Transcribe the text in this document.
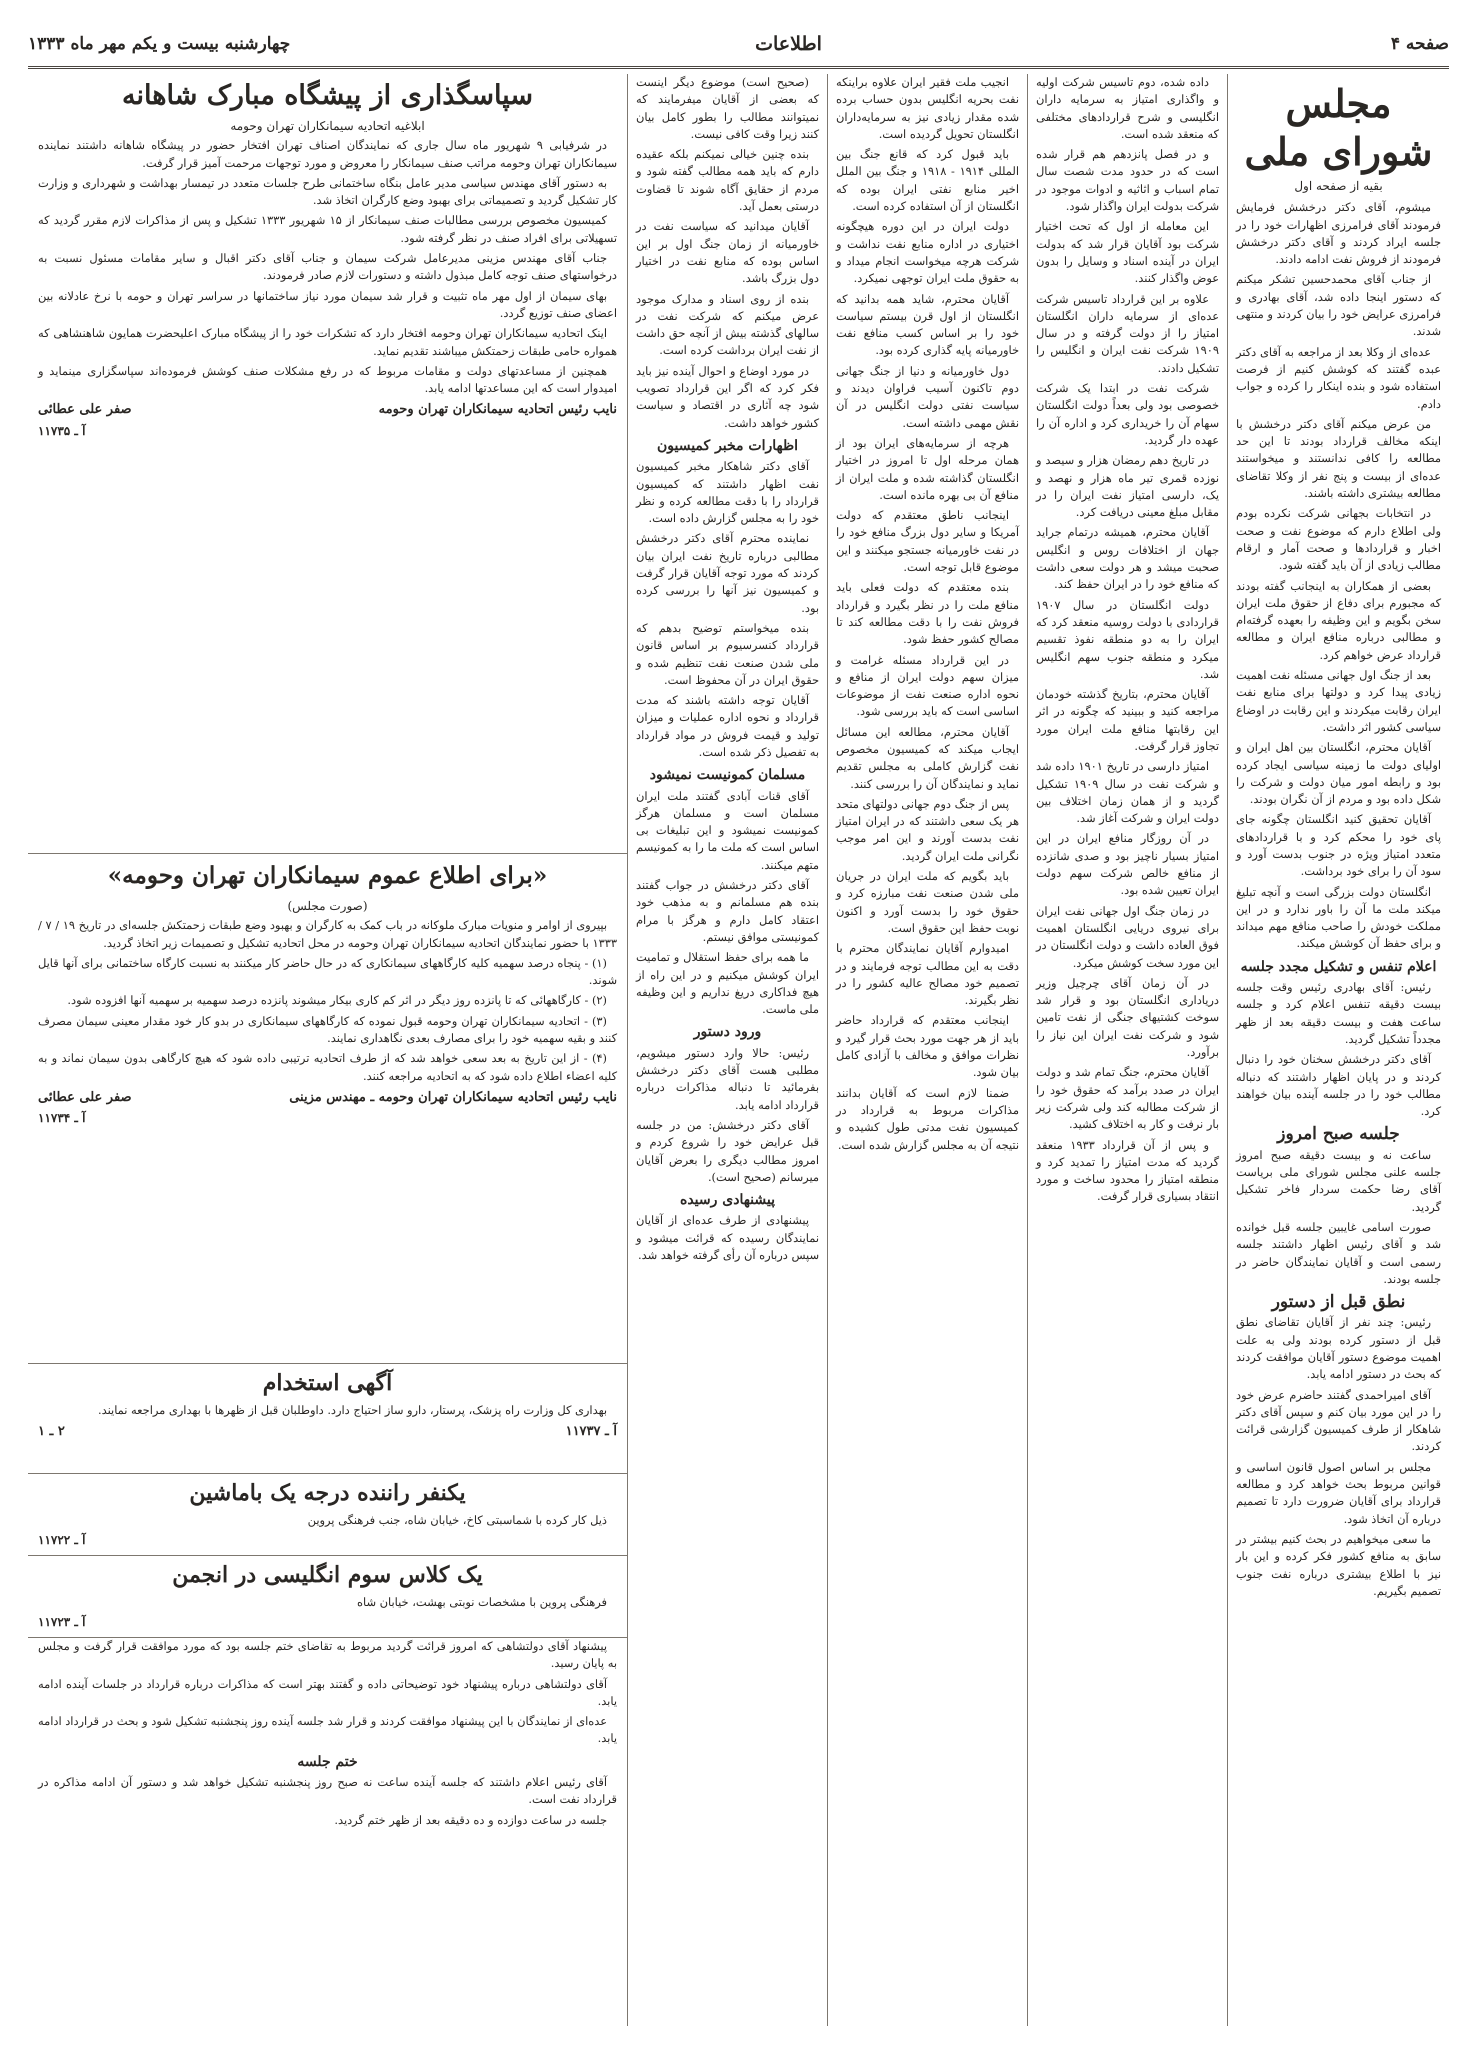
صفحه ۴
اطلاعات
چهارشنبه بیست و یکم مهر ماه ۱۳۳۳
مجلس شورای ملی
بقیه از صفحه اول

میشوم، آقای دکتر درخشش فرمایش فرمودند آقای فرامرزی اظهارات خود را در جلسه ایراد کردند و آقای دکتر درخشش فرمودند از فروش نفت ادامه دادند.

از جناب آقای محمدحسین تشکر میکنم که دستور اینجا داده شد، آقای بهادری و فرامرزی عرایض خود را بیان کردند و منتهی شدند.

عده‌ای از وکلا بعد از مراجعه به آقای دکتر عبده گفتند که کوشش کنیم از فرصت استفاده شود و بنده اینکار را کرده و جواب دادم.

من عرض میکنم آقای دکتر درخشش با اینکه مخالف قرارداد بودند تا این حد مطالعه را کافی ندانستند و میخواستند عده‌ای از بیست و پنج نفر از وکلا تقاضای مطالعه بیشتری داشته باشند.

در انتخابات بجهانی شرکت نکرده بودم ولی اطلاع دارم که موضوع نفت و صحت اخبار و قراردادها و صحت آمار و ارقام مطالب زیادی از آن باید گفته شود.

بعضی از همکاران به اینجانب گفته بودند که مجبورم برای دفاع از حقوق ملت ایران سخن بگویم و این وظیفه را بعهده گرفته‌ام و مطالبی درباره منافع ایران و مطالعه قرارداد عرض خواهم کرد.

بعد از جنگ اول جهانی مسئله نفت اهمیت زیادی پیدا کرد و دولتها برای منابع نفت ایران رقابت میکردند و این رقابت در اوضاع سیاسی کشور اثر داشت.

آقایان محترم، انگلستان بین اهل ایران و اولیای دولت ما زمینه سیاسی ایجاد کرده بود و رابطه امور میان دولت و شرکت را شکل داده بود و مردم از آن نگران بودند.

آقایان تحقیق کنید انگلستان چگونه جای پای خود را محکم کرد و با قراردادهای متعدد امتیاز ویژه در جنوب بدست آورد و سود آن را برای خود برداشت.

انگلستان دولت بزرگی است و آنچه تبلیغ میکند ملت ما آن را باور ندارد و در این مملکت خودش را صاحب منافع مهم میداند و برای حفظ آن کوشش میکند.

اعلام تنفس و تشکیل مجدد جلسه

رئیس: آقای بهادری رئیس وقت جلسه بیست دقیقه تنفس اعلام کرد و جلسه ساعت هفت و بیست دقیقه بعد از ظهر مجدداً تشکیل گردید.

آقای دکتر درخشش سخنان خود را دنبال کردند و در پایان اظهار داشتند که دنباله مطالب خود را در جلسه آینده بیان خواهند کرد.

جلسه صبح امروز

ساعت نه و بیست دقیقه صبح امروز جلسه علنی مجلس شورای ملی بریاست آقای رضا حکمت سردار فاخر تشکیل گردید.

صورت اسامی غایبین جلسه قبل خوانده شد و آقای رئیس اظهار داشتند جلسه رسمی است و آقایان نمایندگان حاضر در جلسه بودند.

نطق قبل از دستور

رئیس: چند نفر از آقایان تقاضای نطق قبل از دستور کرده بودند ولی به علت اهمیت موضوع دستور آقایان موافقت کردند که بحث در دستور ادامه یابد.

آقای امیراحمدی گفتند حاضرم عرض خود را در این مورد بیان کنم و سپس آقای دکتر شاهکار از طرف کمیسیون گزارشی قرائت کردند.

مجلس بر اساس اصول قانون اساسی و قوانین مربوط بحث خواهد کرد و مطالعه قرارداد برای آقایان ضرورت دارد تا تصمیم درباره آن اتخاذ شود.

ما سعی میخواهیم در بحث کنیم بیشتر در سابق به منافع کشور فکر کرده و این بار نیز با اطلاع بیشتری درباره نفت جنوب تصمیم بگیریم.

داده شده، دوم تاسیس شرکت اولیه و واگذاری امتیاز به سرمایه داران انگلیسی و شرح قراردادهای مختلفی که منعقد شده است.

و در فصل پانزدهم هم قرار شده است که در حدود مدت شصت سال تمام اسباب و اثاثیه و ادوات موجود در شرکت بدولت ایران واگذار شود.

این معامله از اول که تحت اختیار شرکت بود آقایان قرار شد که بدولت ایران در آینده اسناد و وسایل را بدون عوض واگذار کنند.

علاوه بر این قرارداد تاسیس شرکت عده‌ای از سرمایه داران انگلستان امتیاز را از دولت گرفته و در سال ۱۹۰۹ شرکت نفت ایران و انگلیس را تشکیل دادند.

شرکت نفت در ابتدا یک شرکت خصوصی بود ولی بعداً دولت انگلستان سهام آن را خریداری کرد و اداره آن را عهده دار گردید.

در تاریخ دهم رمضان هزار و سیصد و نوزده قمری تیر ماه هزار و نهصد و یک، دارسی امتیاز نفت ایران را در مقابل مبلغ معینی دریافت کرد.

آقایان محترم، همیشه درتمام جراید جهان از اختلافات روس و انگلیس صحبت میشد و هر دولت سعی داشت که منافع خود را در ایران حفظ کند.

دولت انگلستان در سال ۱۹۰۷ قراردادی با دولت روسیه منعقد کرد که ایران را به دو منطقه نفوذ تقسیم میکرد و منطقه جنوب سهم انگلیس شد.

آقایان محترم، بتاریخ گذشته خودمان مراجعه کنید و ببینید که چگونه در اثر این رقابتها منافع ملت ایران مورد تجاوز قرار گرفت.

امتیاز دارسی در تاریخ ۱۹۰۱ داده شد و شرکت نفت در سال ۱۹۰۹ تشکیل گردید و از همان زمان اختلاف بین دولت ایران و شرکت آغاز شد.

در آن روزگار منافع ایران در این امتیاز بسیار ناچیز بود و صدی شانزده از منافع خالص شرکت سهم دولت ایران تعیین شده بود.

در زمان جنگ اول جهانی نفت ایران برای نیروی دریایی انگلستان اهمیت فوق العاده داشت و دولت انگلستان در این مورد سخت کوشش میکرد.

در آن زمان آقای چرچیل وزیر دریاداری انگلستان بود و قرار شد سوخت کشتیهای جنگی از نفت تامین شود و شرکت نفت ایران این نیاز را برآورد.

آقایان محترم، جنگ تمام شد و دولت ایران در صدد برآمد که حقوق خود را از شرکت مطالبه کند ولی شرکت زیر بار نرفت و کار به اختلاف کشید.

و پس از آن قرارداد ۱۹۳۳ منعقد گردید که مدت امتیاز را تمدید کرد و منطقه امتیاز را محدود ساخت و مورد انتقاد بسیاری قرار گرفت.

انجیب ملت فقیر ایران علاوه براینکه نفت بحریه انگلیس بدون حساب برده شده مقدار زیادی نیز به سرمایه‌داران انگلستان تحویل گردیده است.

باید قبول کرد که قانع جنگ بین المللی ۱۹۱۴ - ۱۹۱۸ و جنگ بین الملل اخیر منابع نفتی ایران بوده که انگلستان از آن استفاده کرده است.

دولت ایران در این دوره هیچگونه اختیاری در اداره منابع نفت نداشت و شرکت هرچه میخواست انجام میداد و به حقوق ملت ایران توجهی نمیکرد.

آقایان محترم، شاید همه بدانید که انگلستان از اول قرن بیستم سیاست خود را بر اساس کسب منافع نفت خاورمیانه پایه گذاری کرده بود.

دول خاورمیانه و دنیا از جنگ جهانی دوم تاکنون آسیب فراوان دیدند و سیاست نفتی دولت انگلیس در آن نقش مهمی داشته است.

هرچه از سرمایه‌های ایران بود از همان مرحله اول تا امروز در اختیار انگلستان گذاشته شده و ملت ایران از منافع آن بی بهره مانده است.

اینجانب ناطق معتقدم که دولت آمریکا و سایر دول بزرگ منافع خود را در نفت خاورمیانه جستجو میکنند و این موضوع قابل توجه است.

بنده معتقدم که دولت فعلی باید منافع ملت را در نظر بگیرد و قرارداد فروش نفت را با دقت مطالعه کند تا مصالح کشور حفظ شود.

در این قرارداد مسئله غرامت و میزان سهم دولت ایران از منافع و نحوه اداره صنعت نفت از موضوعات اساسی است که باید بررسی شود.

آقایان محترم، مطالعه این مسائل ایجاب میکند که کمیسیون مخصوص نفت گزارش کاملی به مجلس تقدیم نماید و نمایندگان آن را بررسی کنند.

پس از جنگ دوم جهانی دولتهای متحد هر یک سعی داشتند که در ایران امتیاز نفت بدست آورند و این امر موجب نگرانی ملت ایران گردید.

باید بگویم که ملت ایران در جریان ملی شدن صنعت نفت مبارزه کرد و حقوق خود را بدست آورد و اکنون نوبت حفظ این حقوق است.

امیدوارم آقایان نمایندگان محترم با دقت به این مطالب توجه فرمایند و در تصمیم خود مصالح عالیه کشور را در نظر بگیرند.

اینجانب معتقدم که قرارداد حاضر باید از هر جهت مورد بحث قرار گیرد و نظرات موافق و مخالف با آزادی کامل بیان شود.

ضمنا لازم است که آقایان بدانند مذاکرات مربوط به قرارداد در کمیسیون نفت مدتی طول کشیده و نتیجه آن به مجلس گزارش شده است.

(صحیح است) موضوع دیگر اینست که بعضی از آقایان میفرمایند که نمیتوانند مطالب را بطور کامل بیان کنند زیرا وقت کافی نیست.

بنده چنین خیالی نمیکنم بلکه عقیده دارم که باید همه مطالب گفته شود و مردم از حقایق آگاه شوند تا قضاوت درستی بعمل آید.

آقایان میدانید که سیاست نفت در خاورمیانه از زمان جنگ اول بر این اساس بوده که منابع نفت در اختیار دول بزرگ باشد.

بنده از روی اسناد و مدارک موجود عرض میکنم که شرکت نفت در سالهای گذشته بیش از آنچه حق داشت از نفت ایران برداشت کرده است.

در مورد اوضاع و احوال آینده نیز باید فکر کرد که اگر این قرارداد تصویب شود چه آثاری در اقتصاد و سیاست کشور خواهد داشت.

اظهارات مخبر کمیسیون

آقای دکتر شاهکار مخبر کمیسیون نفت اظهار داشتند که کمیسیون قرارداد را با دقت مطالعه کرده و نظر خود را به مجلس گزارش داده است.

نماینده محترم آقای دکتر درخشش مطالبی درباره تاریخ نفت ایران بیان کردند که مورد توجه آقایان قرار گرفت و کمیسیون نیز آنها را بررسی کرده بود.

بنده میخواستم توضیح بدهم که قرارداد کنسرسیوم بر اساس قانون ملی شدن صنعت نفت تنظیم شده و حقوق ایران در آن محفوظ است.

آقایان توجه داشته باشند که مدت قرارداد و نحوه اداره عملیات و میزان تولید و قیمت فروش در مواد قرارداد به تفصیل ذکر شده است.

مسلمان کمونیست نمیشود

آقای قنات آبادی گفتند ملت ایران مسلمان است و مسلمان هرگز کمونیست نمیشود و این تبلیغات بی اساس است که ملت ما را به کمونیسم متهم میکنند.

آقای دکتر درخشش در جواب گفتند بنده هم مسلمانم و به مذهب خود اعتقاد کامل دارم و هرگز با مرام کمونیستی موافق نیستم.

ما همه برای حفظ استقلال و تمامیت ایران کوشش میکنیم و در این راه از هیچ فداکاری دریغ نداریم و این وظیفه ملی ماست.

ورود دستور

رئیس: حالا وارد دستور میشویم، مطلبی هست آقای دکتر درخشش بفرمائید تا دنباله مذاکرات درباره قرارداد ادامه یابد.

آقای دکتر درخشش: من در جلسه قبل عرایض خود را شروع کردم و امروز مطالب دیگری را بعرض آقایان میرسانم (صحیح است).

پیشنهادی رسیده

پیشنهادی از طرف عده‌ای از آقایان نمایندگان رسیده که قرائت میشود و سپس درباره آن رأی گرفته خواهد شد.

سپاسگذاری از پیشگاه مبارک شاهانه
ابلاغیه اتحادیه سیمانکاران تهران وحومه

در شرفیابی ۹ شهریور ماه سال جاری که نمایندگان اصناف تهران افتخار حضور در پیشگاه شاهانه داشتند نماینده سیمانکاران تهران وحومه مراتب صنف سیمانکار را معروض و مورد توجهات مرحمت آمیز قرار گرفت.

به دستور آقای مهندس سیاسی مدیر عامل بنگاه ساختمانی طرح جلسات متعدد در تیمسار بهداشت و شهرداری و وزارت کار تشکیل گردید و تصمیماتی برای بهبود وضع کارگران اتخاذ شد.

کمیسیون مخصوص بررسی مطالبات صنف سیمانکار از ۱۵ شهریور ۱۳۳۳ تشکیل و پس از مذاکرات لازم مقرر گردید که تسهیلاتی برای افراد صنف در نظر گرفته شود.

جناب آقای مهندس مزینی مدیرعامل شرکت سیمان و جناب آقای دکتر اقبال و سایر مقامات مسئول نسبت به درخواستهای صنف توجه کامل مبذول داشته و دستورات لازم صادر فرمودند.

بهای سیمان از اول مهر ماه تثبیت و قرار شد سیمان مورد نیاز ساختمانها در سراسر تهران و حومه با نرخ عادلانه بین اعضای صنف توزیع گردد.

اینک اتحادیه سیمانکاران تهران وحومه افتخار دارد که تشکرات خود را از پیشگاه مبارک اعلیحضرت همایون شاهنشاهی که همواره حامی طبقات زحمتکش میباشند تقدیم نماید.

همچنین از مساعدتهای دولت و مقامات مربوط که در رفع مشکلات صنف کوشش فرموده‌اند سپاسگزاری مینماید و امیدوار است که این مساعدتها ادامه یابد.

نایب رئیس اتحادیه سیمانکاران تهران وحومه
صفر علی عطائی
آ ـ ۱۱۷۳۵
«برای اطلاع عموم سیمانکاران تهران وحومه»
(صورت مجلس)

بپیروی از اوامر و منویات مبارک ملوکانه در باب کمک به کارگران و بهبود وضع طبقات زحمتکش جلسه‌ای در تاریخ ۱۹ / ۷ / ۱۳۳۳ با حضور نمایندگان اتحادیه سیمانکاران تهران وحومه در محل اتحادیه تشکیل و تصمیمات زیر اتخاذ گردید.

(۱) - پنجاه درصد سهمیه کلیه کارگاههای سیمانکاری که در حال حاضر کار میکنند به نسبت کارگاه ساختمانی برای آنها قایل شوند.

(۲) - کارگاههائی که تا پانزده روز دیگر در اثر کم کاری بیکار میشوند پانزده درصد سهمیه بر سهمیه آنها افزوده شود.

(۳) - اتحادیه سیمانکاران تهران وحومه قبول نموده که کارگاههای سیمانکاری در بدو کار خود مقدار معینی سیمان مصرف کنند و بقیه سهمیه خود را برای مصارف بعدی نگاهداری نمایند.

(۴) - از این تاریخ به بعد سعی خواهد شد که از طرف اتحادیه ترتیبی داده شود که هیچ کارگاهی بدون سیمان نماند و به کلیه اعضاء اطلاع داده شود که به اتحادیه مراجعه کنند.

نایب رئیس اتحادیه سیمانکاران تهران وحومه ـ مهندس مزینی
صفر علی عطائی
آ ـ ۱۱۷۳۴
آگهی استخدام

بهداری کل وزارت راه پزشک، پرستار، دارو ساز احتیاج دارد. داوطلبان قبل از ظهرها با بهداری مراجعه نمایند.

آ ـ ۱۱۷۳۷
۲ ـ ۱
یکنفر راننده درجه یک باماشین

ذیل کار کرده با شماسبتی کاخ، خیابان شاه، جنب فرهنگی پروین

آ ـ ۱۱۷۲۲
یک کلاس سوم انگلیسی در انجمن

فرهنگی پروین با مشخصات نوبتی بهشت، خیابان شاه

آ ـ ۱۱۷۲۳

پیشنهاد آقای دولتشاهی که امروز قرائت گردید مربوط به تقاضای ختم جلسه بود که مورد موافقت قرار گرفت و مجلس به پایان رسید.

آقای دولتشاهی درباره پیشنهاد خود توضیحاتی داده و گفتند بهتر است که مذاکرات درباره قرارداد در جلسات آینده ادامه یابد.

عده‌ای از نمایندگان با این پیشنهاد موافقت کردند و قرار شد جلسه آینده روز پنجشنبه تشکیل شود و بحث در قرارداد ادامه یابد.

ختم جلسه

آقای رئیس اعلام داشتند که جلسه آینده ساعت نه صبح روز پنجشنبه تشکیل خواهد شد و دستور آن ادامه مذاکره در قرارداد نفت است.

جلسه در ساعت دوازده و ده دقیقه بعد از ظهر ختم گردید.
